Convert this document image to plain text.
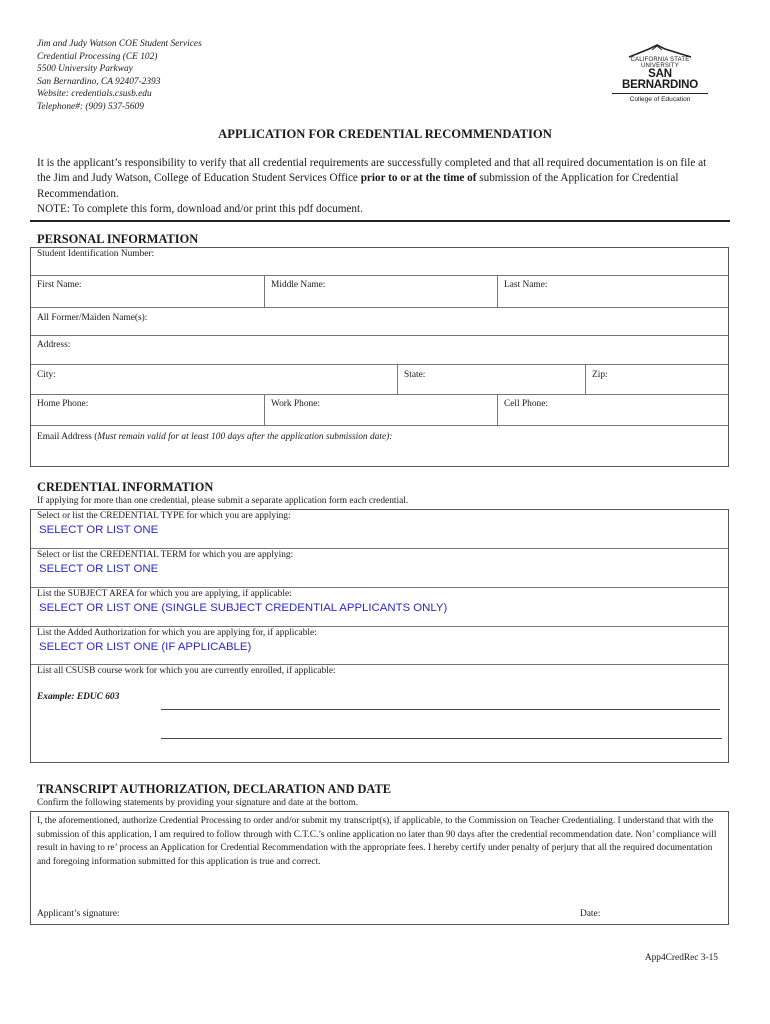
Jim and Judy Watson COE Student Services
Credential Processing (CE 102)
5500 University Parkway
San Bernardino, CA 92407-2393
Website: credentials.csusb.edu
Telephone#: (909) 537-5609
CALIFORNIA STATE UNIVERSITY
SAN BERNARDINO
College of Education
APPLICATION FOR CREDENTIAL RECOMMENDATION
It is the applicant’s responsibility to verify that all credential requirements are successfully completed and that all required documentation is on file at the Jim and Judy Watson, College of Education Student Services Office prior to or at the time of submission of the Application for Credential Recommendation.
NOTE: To complete this form, download and/or print this pdf document.
PERSONAL INFORMATION
Student Identification Number:
First Name:	Middle Name:	Last Name:
All Former/Maiden Name(s):
Address:
City:	State:	Zip:
Home Phone:	Work Phone:	Cell Phone:
Email Address (Must remain valid for at least 100 days after the application submission date):
CREDENTIAL INFORMATION
If applying for more than one credential, please submit a separate application form each credential.
Select or list the CREDENTIAL TYPE for which you are applying:
SELECT OR LIST ONE
Select or list the CREDENTIAL TERM for which you are applying:
SELECT OR LIST ONE
List the SUBJECT AREA for which you are applying, if applicable:
SELECT OR LIST ONE (SINGLE SUBJECT CREDENTIAL APPLICANTS ONLY)
List the Added Authorization for which you are applying for, if applicable:
SELECT OR LIST ONE (IF APPLICABLE)
List all CSUSB course work for which you are currently enrolled, if applicable:
Example: EDUC 603
TRANSCRIPT AUTHORIZATION, DECLARATION AND DATE
Confirm the following statements by providing your signature and date at the bottom.
I, the aforementioned, authorize Credential Processing to order and/or submit my transcript(s), if applicable, to the Commission on Teacher Credentialing. I understand that with the submission of this application, I am required to follow through with C.T.C.’s online application no later than 90 days after the credential recommendation date. Non’ compliance will result in having to re’ process an Application for Credential Recommendation with the appropriate fees. I hereby certify under penalty of perjury that all the required documentation and foregoing information submitted for this application is true and correct.
Applicant’s signature:	Date:
App4CredRec 3-15
